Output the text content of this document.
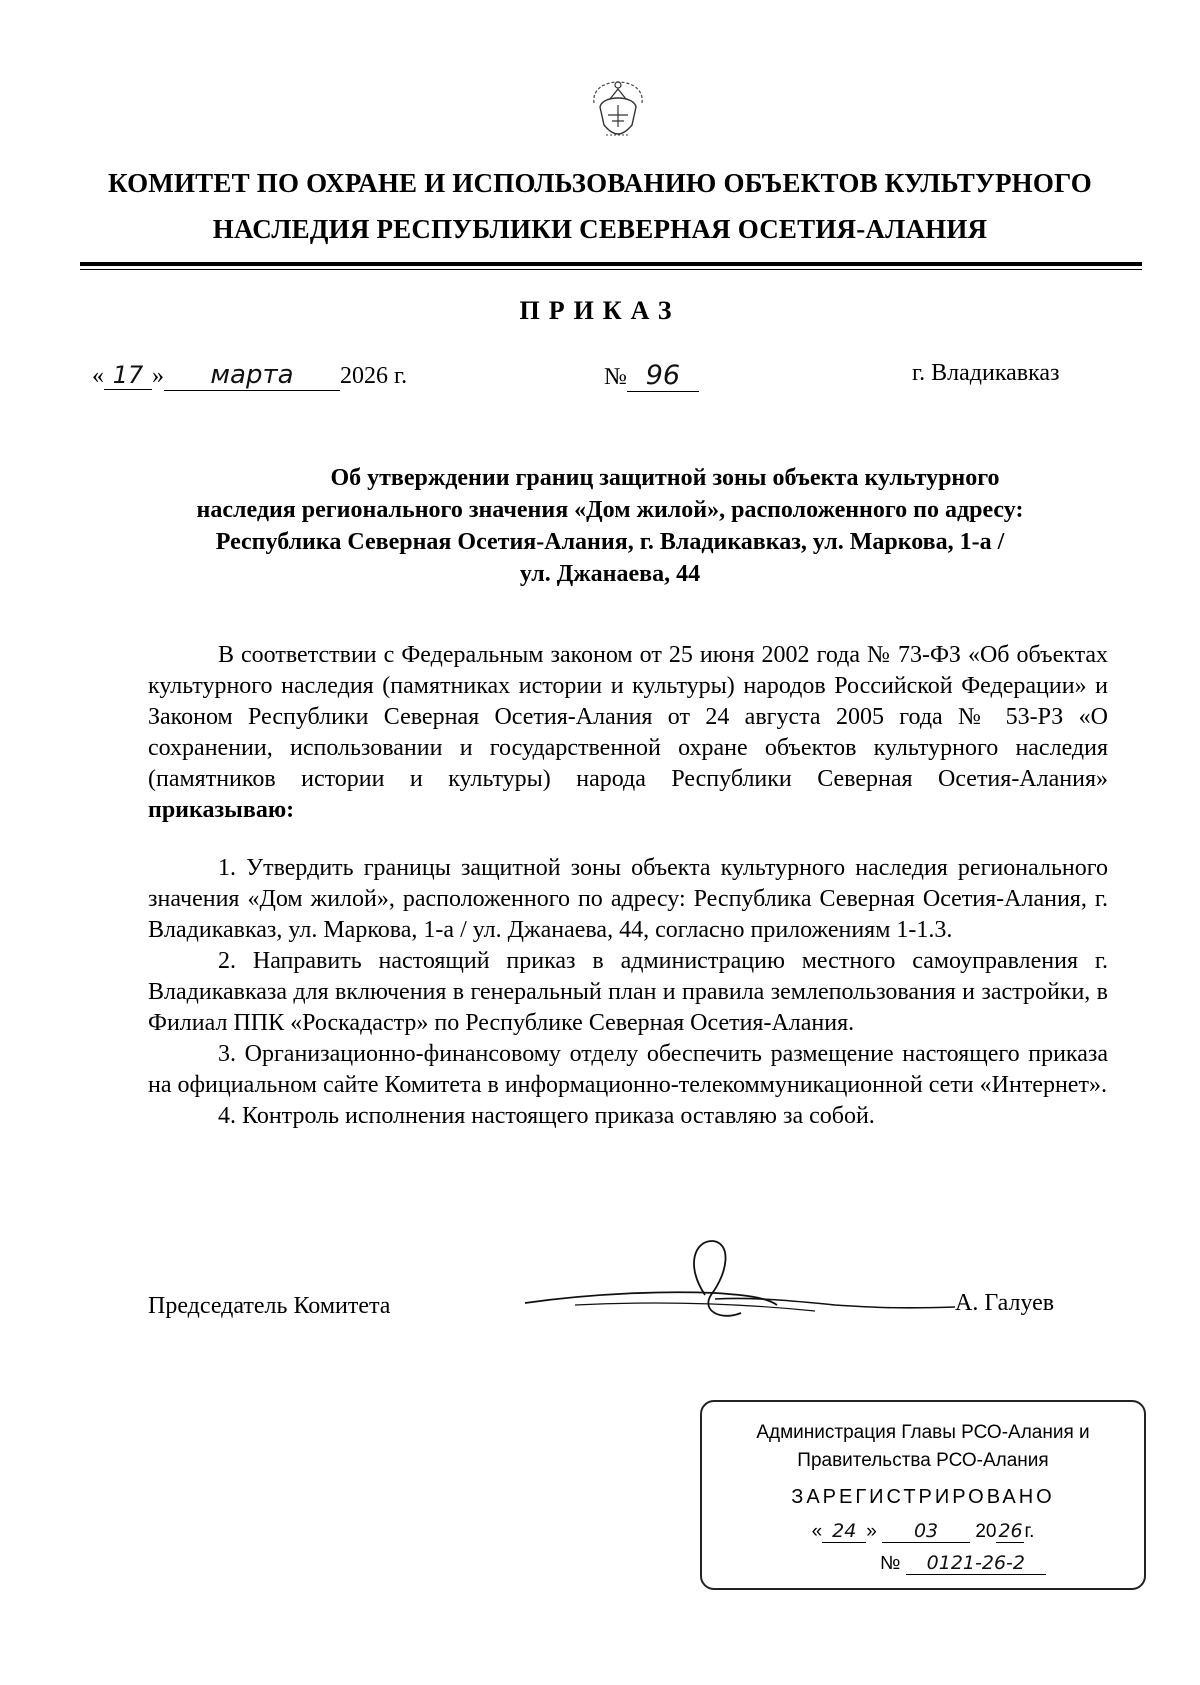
КОМИТЕТ ПО ОХРАНЕ И ИСПОЛЬЗОВАНИЮ ОБЪЕКТОВ КУЛЬТУРНОГО
НАСЛЕДИЯ РЕСПУБЛИКИ СЕВЕРНАЯ ОСЕТИЯ-АЛАНИЯ
ПРИКАЗ
« 17 » марта 2026 г.	№ 96	г. Владикавказ
Об утверждении границ защитной зоны объекта культурного
наследия регионального значения «Дом жилой», расположенного по адресу:
Республика Северная Осетия-Алания, г. Владикавказ, ул. Маркова, 1-а /
ул. Джанаева, 44

В соответствии с Федеральным законом от 25 июня 2002 года № 73-ФЗ «Об объектах культурного наследия (памятниках истории и культуры) народов Российской Федерации» и Законом Республики Северная Осетия-Алания от 24 августа 2005 года № 53-РЗ «О сохранении, использовании и государственной охране объектов культурного наследия (памятников истории и культуры) народа Республики Северная Осетия-Алания» приказываю:

1. Утвердить границы защитной зоны объекта культурного наследия регионального значения «Дом жилой», расположенного по адресу: Республика Северная Осетия-Алания, г. Владикавказ, ул. Маркова, 1-а / ул. Джанаева, 44, согласно приложениям 1-1.3.

2. Направить настоящий приказ в администрацию местного самоуправления г. Владикавказа для включения в генеральный план и правила землепользования и застройки, в Филиал ППК «Роскадастр» по Республике Северная Осетия-Алания.

3. Организационно-финансовому отделу обеспечить размещение настоящего приказа на официальном сайте Комитета в информационно-телекоммуникационной сети «Интернет».

4. Контроль исполнения настоящего приказа оставляю за собой.

Председатель Комитета	А. Галуев
Администрация Главы РСО-Алания и
Правительства РСО-Алания
ЗАРЕГИСТРИРОВАНО
« 24 » 03 20 26 г.
№ 0121-26-2
